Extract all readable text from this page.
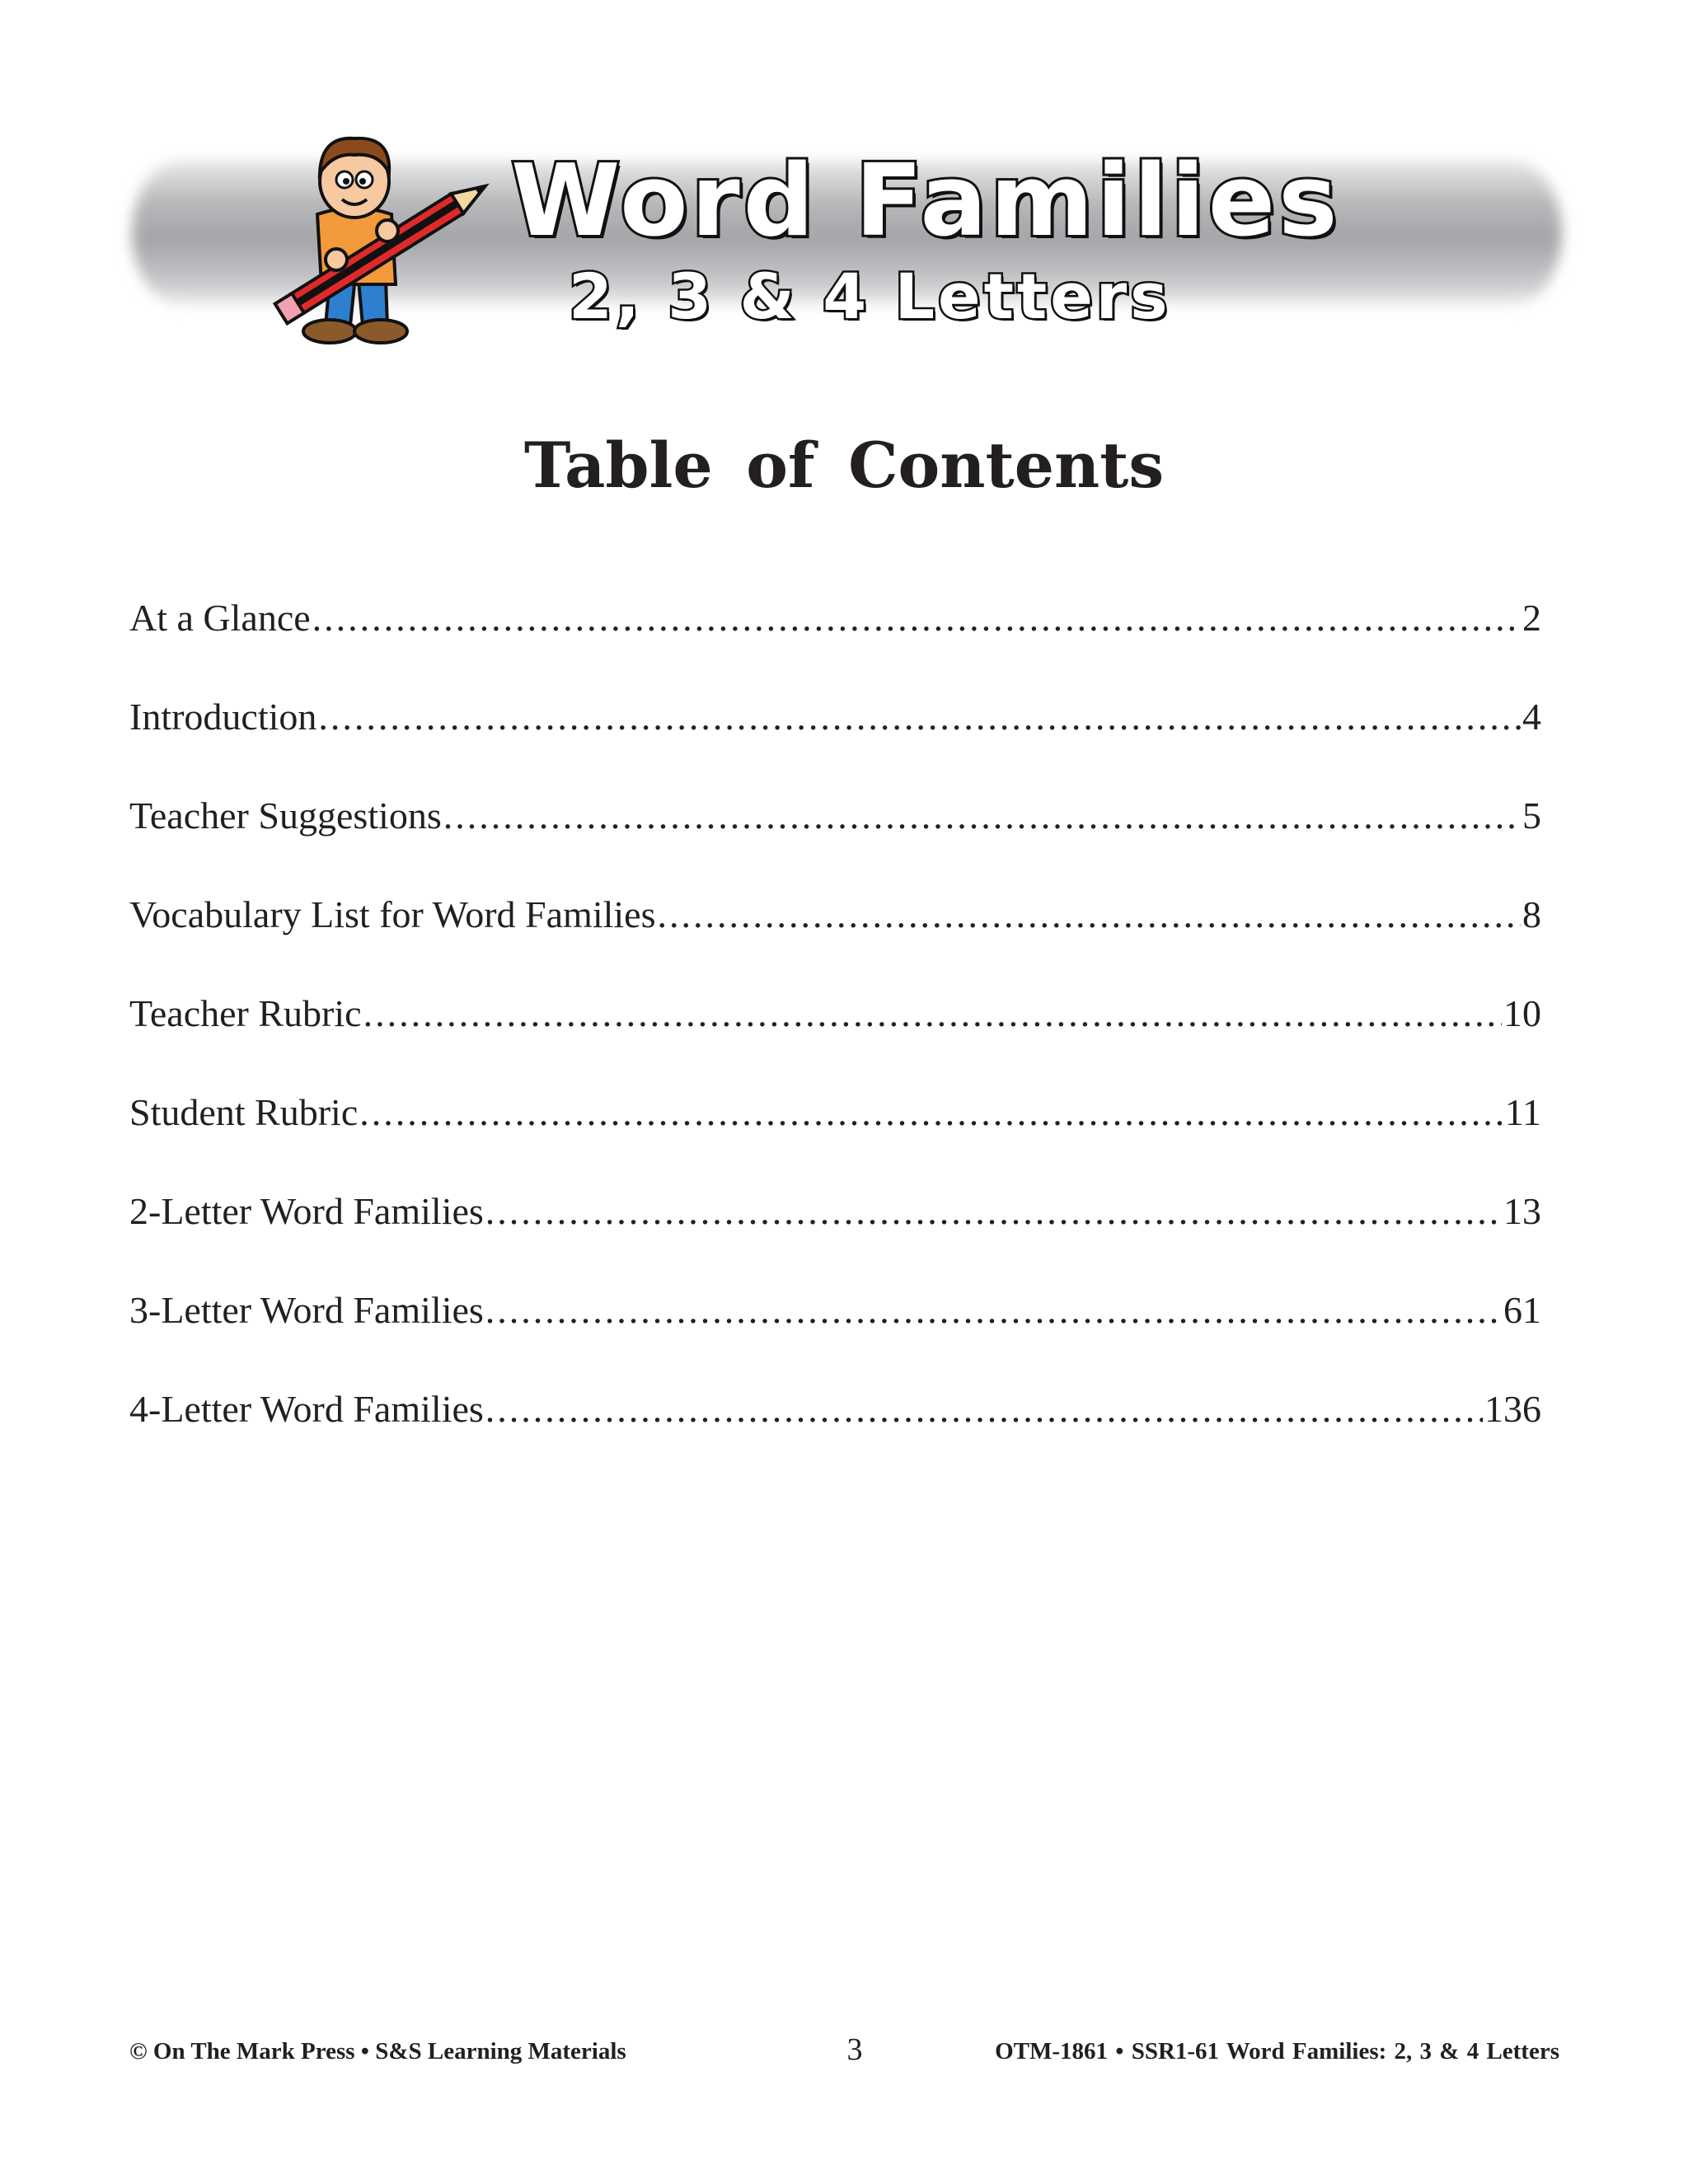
Word Families
2, 3 & 4 Letters
Table of Contents
At a Glance .....	2
Introduction .....	4
Teacher Suggestions .....	5
Vocabulary List for Word Families .....	8
Teacher Rubric .....	10
Student Rubric .....	11
2-Letter Word Families .....	13
3-Letter Word Families .....	61
4-Letter Word Families .....	136
© On The Mark Press • S&S Learning Materials	3	OTM-1861 • SSR1-61 Word Families: 2, 3 & 4 Letters
